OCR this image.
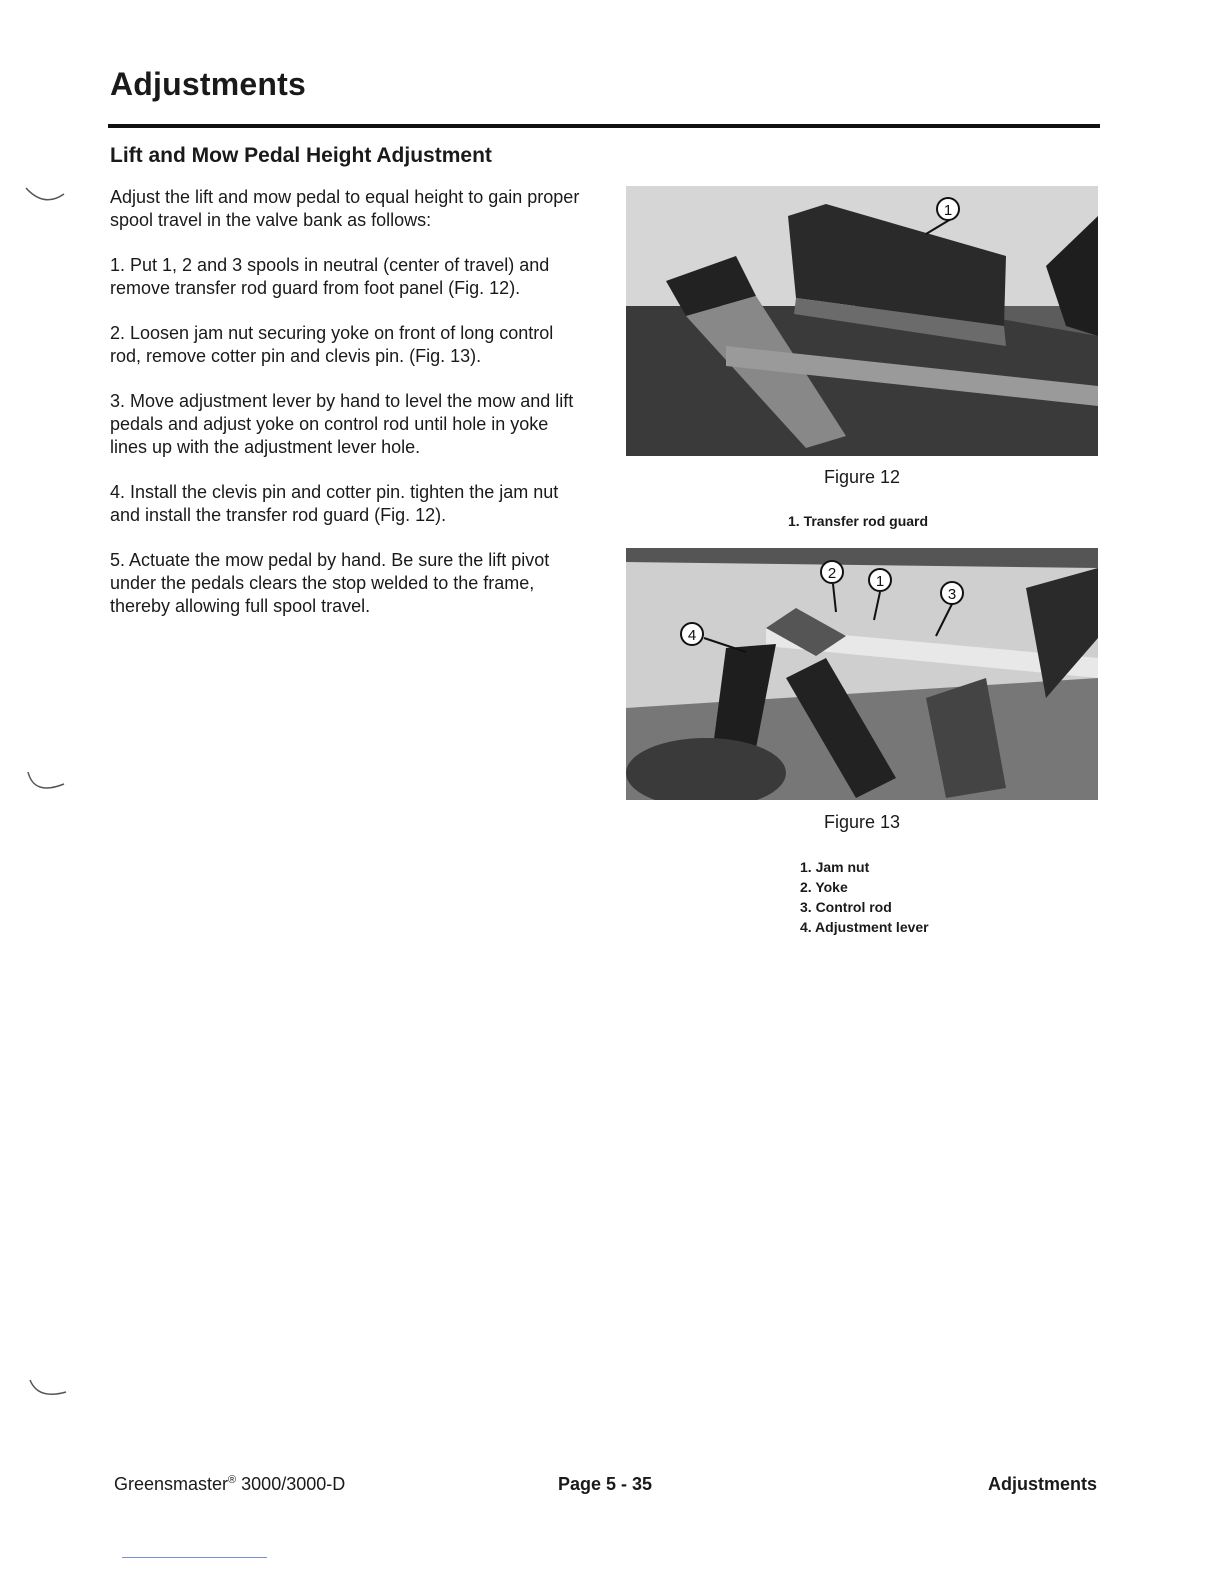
Adjustments
Lift and Mow Pedal Height Adjustment

Adjust the lift and mow pedal to equal height to gain proper spool travel in the valve bank as follows:

1. Put 1, 2 and 3 spools in neutral (center of travel) and remove transfer rod guard from foot panel (Fig. 12).

2. Loosen jam nut securing yoke on front of long control rod, remove cotter pin and clevis pin. (Fig. 13).

3. Move adjustment lever by hand to level the mow and lift pedals and adjust yoke on control rod until hole in yoke lines up with the adjustment lever hole.

4. Install the clevis pin and cotter pin. tighten the jam nut and install the transfer rod guard (Fig. 12).

5. Actuate the mow pedal by hand. Be sure the lift pivot under the pedals clears the stop welded to the frame, thereby allowing full spool travel.

1
Figure 12
1. Transfer rod guard
2	1
3
4
Figure 13
1. Jam nut
2. Yoke
3. Control rod
4. Adjustment lever
Greensmaster® 3000/3000-D	Page 5 - 35	Adjustments
